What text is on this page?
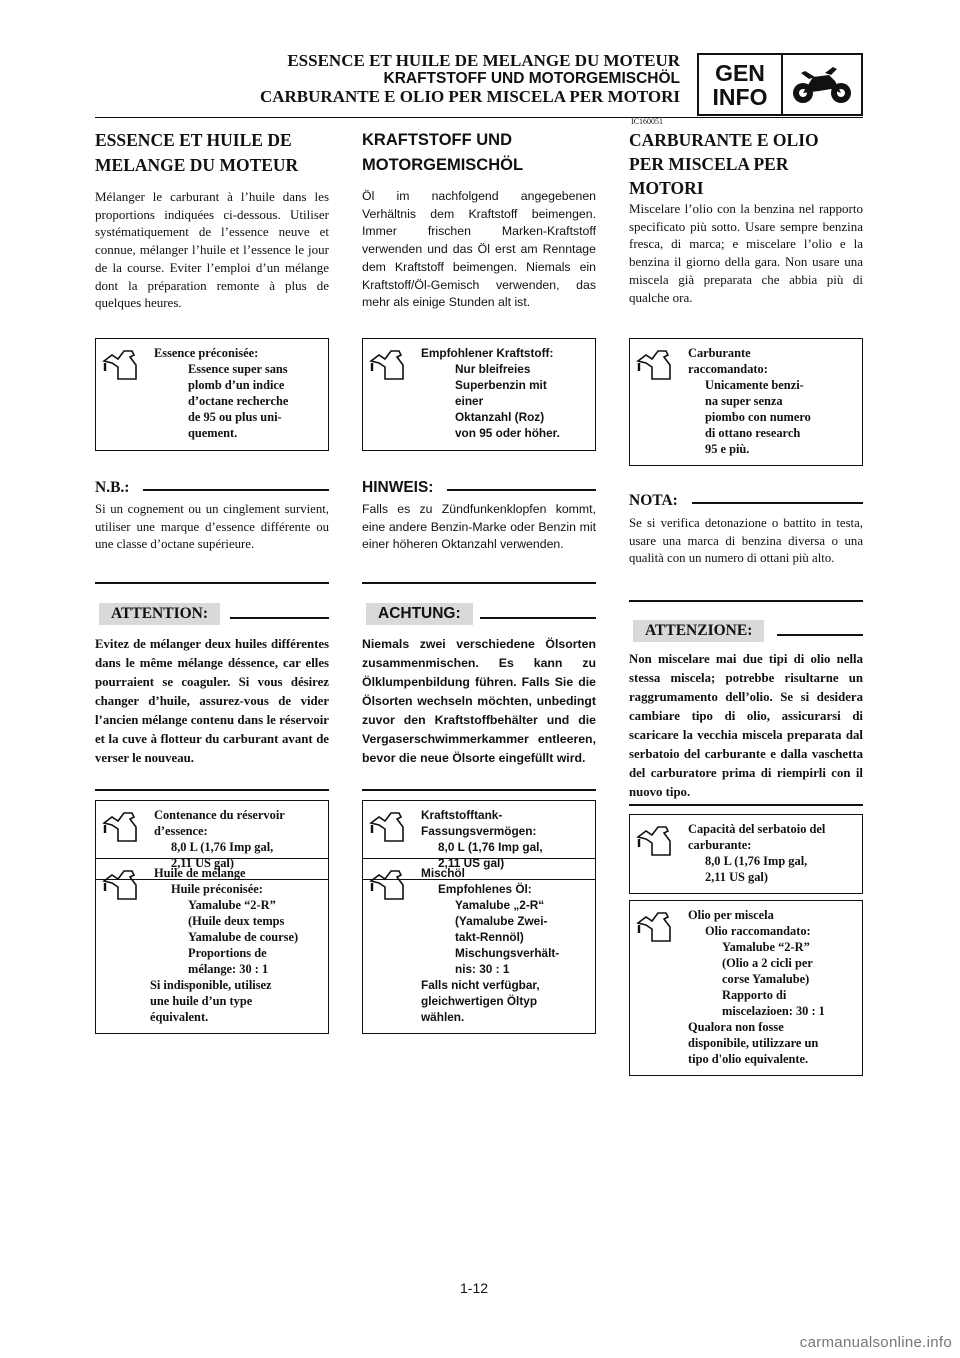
ESSENCE ET HUILE DE MELANGE DU MOTEUR
KRAFTSTOFF UND MOTORGEMISCHÖL
CARBURANTE E OLIO PER MISCELA PER MOTORI
GEN
INFO
IC160051
ESSENCE ET HUILE DE MELANGE DU MOTEUR

Mélanger le carburant à l’huile dans les proportions indiquées ci-dessous. Utiliser systématiquement de l’essence neuve et connue, mélanger l’huile et l’essence le jour de la course. Eviter l’emploi d’un mélange dont la préparation remonte à plus de quelques heures.

Essence préconisée:
Essence super sans
plomb d’un indice
d’octane recherche
de 95 ou plus uni-
quement.
N.B.:

Si un cognement ou un cinglement survient, utiliser une marque d’essence différente ou une classe d’octane supérieure.

ATTENTION:

Evitez de mélanger deux huiles différentes dans le même mélange déssence, car elles pourraient se coaguler. Si vous désirez changer d’huile, assurez-vous de vider l’ancien mélange contenu dans le réservoir et la cuve à flotteur du carburant avant de verser le nouveau.

Contenance du réservoir
d’essence:
8,0 L (1,76 Imp gal,
2,11 US gal)
Huile de mélange
Huile préconisée:
Yamalube “2-R”
(Huile deux temps
Yamalube de course)
Proportions de
mélange: 30 : 1
Si indisponible, utilisez
une huile d’un type
équivalent.
KRAFTSTOFF UND MOTORGEMISCHÖL

Öl im nachfolgend angegebenen Verhältnis dem Kraftstoff beimengen. Immer frischen Marken-Kraftstoff verwenden und das Öl erst am Renntage dem Kraftstoff beimengen. Niemals ein Kraftstoff/Öl-Gemisch verwenden, das mehr als einige Stunden alt ist.

Empfohlener Kraftstoff:
Nur bleifreies
Superbenzin mit
einer
Oktanzahl (Roz)
von 95 oder höher.
HINWEIS:

Falls es zu Zündfunkenklopfen kommt, eine andere Benzin-Marke oder Benzin mit einer höheren Oktanzahl verwenden.

ACHTUNG:

Niemals zwei verschiedene Ölsorten zusammenmischen. Es kann zu Ölklumpenbildung führen. Falls Sie die Ölsorten wechseln möchten, unbedingt zuvor den Kraftstoffbehälter und die Vergaserschwimmerkammer entleeren, bevor die neue Ölsorte eingefüllt wird.

Kraftstofftank-
Fassungsvermögen:
8,0 L (1,76 Imp gal,
2,11 US gal)
Mischöl
Empfohlenes Öl:
Yamalube „2-R“
(Yamalube Zwei-
takt-Rennöl)
Mischungsverhält-
nis: 30 : 1
Falls nicht verfügbar,
gleichwertigen Öltyp
wählen.
CARBURANTE E OLIO PER MISCELA PER MOTORI

Miscelare l’olio con la benzina nel rapporto specificato più sotto. Usare sempre benzina fresca, di marca; e miscelare l’olio e la benzina il giorno della gara. Non usare una miscela già preparata che abbia più di qualche ora.

Carburante
raccomandato:
Unicamente benzi-
na super senza
piombo con numero
di ottano research
95 e più.
NOTA:

Se si verifica detonazione o battito in testa, usare una marca di benzina diversa o una qualità con un numero di ottani più alto.

ATTENZIONE:

Non miscelare mai due tipi di olio nella stessa miscela; potrebbe risultarne un raggrumamento dell’olio. Se si desidera cambiare tipo di olio, assicurarsi di scaricare la vecchia miscela preparata dal serbatoio del carburante e dalla vaschetta del carburatore prima di riempirli con il nuovo tipo.

Capacità del serbatoio del
carburante:
8,0 L (1,76 Imp gal,
2,11 US gal)
Olio per miscela
Olio raccomandato:
Yamalube “2-R”
(Olio a 2 cicli per
corse Yamalube)
Rapporto di
miscelazioen: 30 : 1
Qualora non fosse
disponibile, utilizzare un
tipo d'olio equivalente.
1-12
carmanualsonline.info
